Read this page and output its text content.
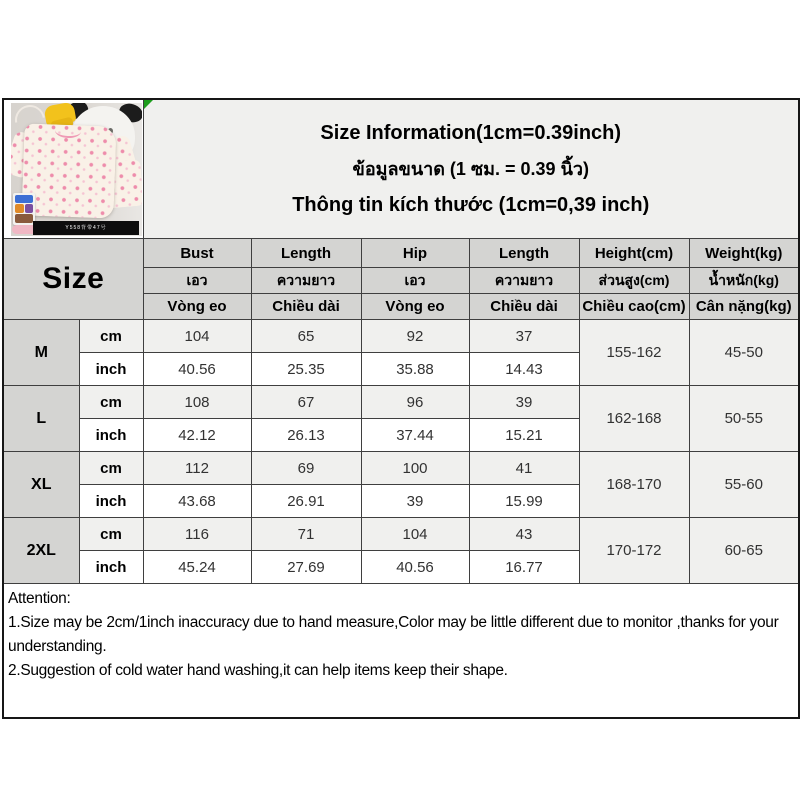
Y558背带47号		Size Information(1cm=0.39inch)
ข้อมูลขนาด (1 ซม. = 0.39 นิ้ว)
Thông tin kích thước (1cm=0,39 inch)					

Size		Bust	Length	Hip	Length	Height(cm)	Weight(kg)
		เอว	ความยาว	เอว	ความยาว	ส่วนสูง(cm)	น้ำหนัก(kg)
		Vòng eo	Chiều dài	Vòng eo	Chiều dài	Chiều cao(cm)	Cân nặng(kg)
M	cm	104	65	92	37	155-162	45-50
	inch	40.56	25.35	35.88	14.43		
L	cm	108	67	96	39	162-168	50-55
	inch	42.12	26.13	37.44	15.21		
XL	cm	112	69	100	41	168-170	55-60
	inch	43.68	26.91	39	15.99		
2XL	cm	116	71	104	43	170-172	60-65
	inch	45.24	27.69	40.56	16.77		

Attention:
1.Size may be 2cm/1inch inaccuracy due to hand measure,Color may be little different due to monitor ,thanks for your understanding.
2.Suggestion of cold water hand washing,it can help items keep their shape.							
